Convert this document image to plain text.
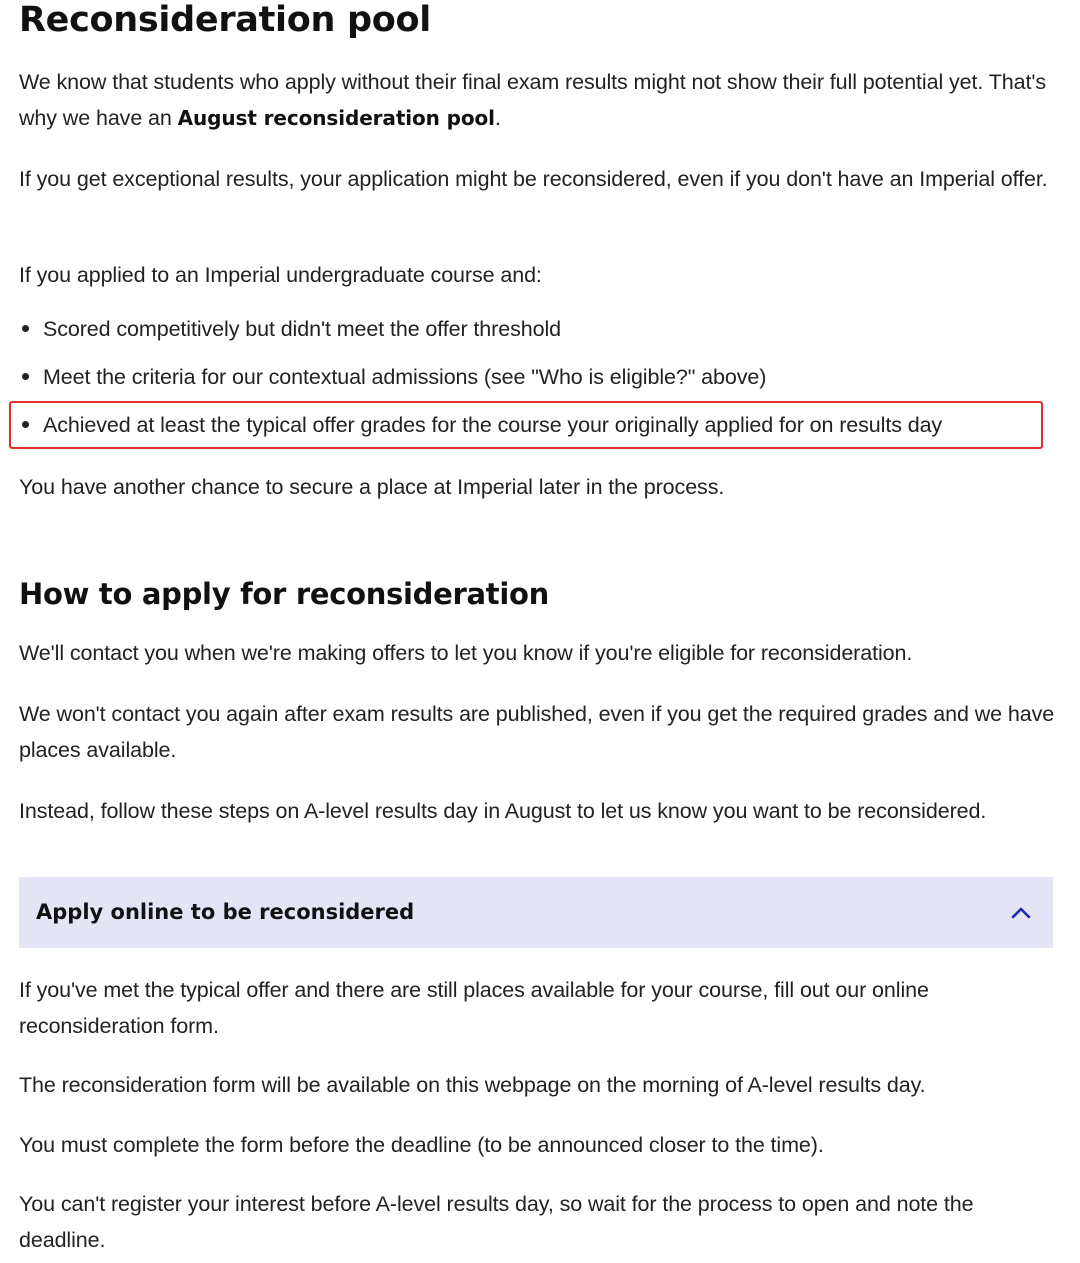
Reconsideration pool

We know that students who apply without their final exam results might not show their full potential yet. That's why we have an August reconsideration pool.

If you get exceptional results, your application might be reconsidered, even if you don't have an Imperial offer.

If you applied to an Imperial undergraduate course and:

Scored competitively but didn't meet the offer threshold
Meet the criteria for our contextual admissions (see "Who is eligible?" above)
Achieved at least the typical offer grades for the course your originally applied for on results day

You have another chance to secure a place at Imperial later in the process.

How to apply for reconsideration

We'll contact you when we're making offers to let you know if you're eligible for reconsideration.

We won't contact you again after exam results are published, even if you get the required grades and we have places available.

Instead, follow these steps on A-level results day in August to let us know you want to be reconsidered.

Apply online to be reconsidered

If you've met the typical offer and there are still places available for your course, fill out our online reconsideration form.

The reconsideration form will be available on this webpage on the morning of A-level results day.

You must complete the form before the deadline (to be announced closer to the time).

You can't register your interest before A-level results day, so wait for the process to open and note the deadline.
